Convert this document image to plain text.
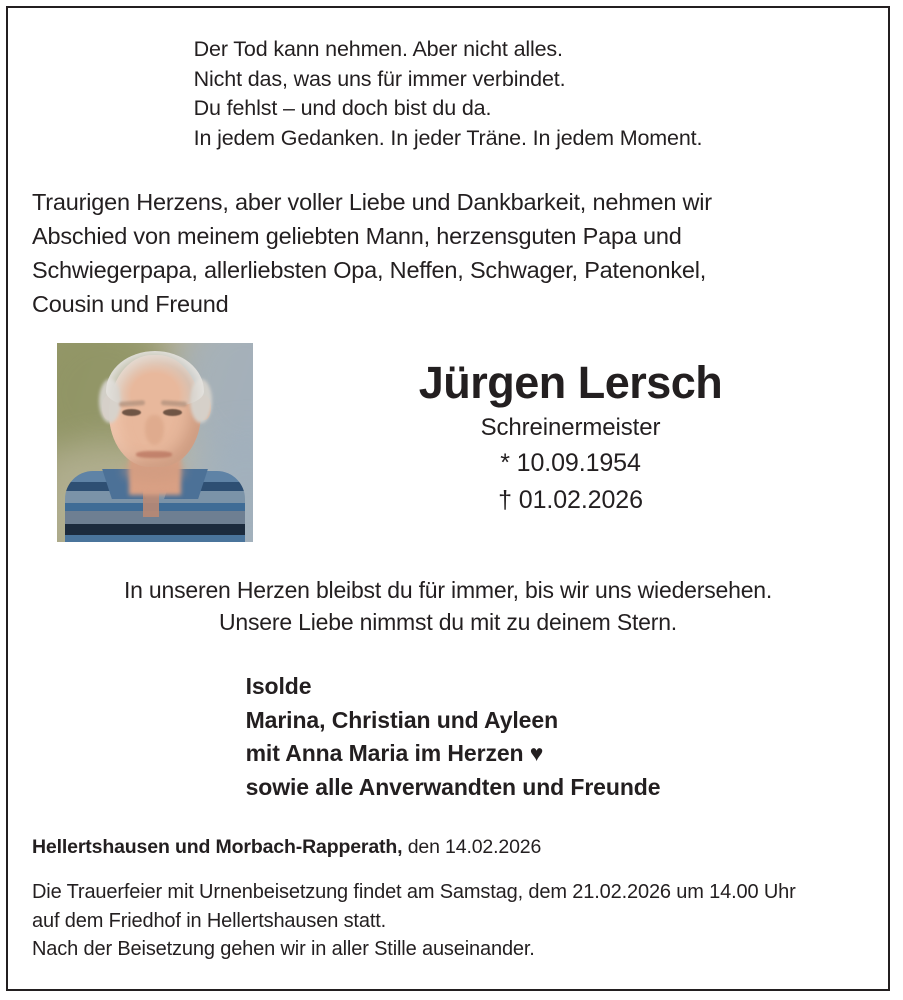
Der Tod kann nehmen. Aber nicht alles.
Nicht das, was uns für immer verbindet.
Du fehlst – und doch bist du da.
In jedem Gedanken. In jeder Träne. In jedem Moment.
Traurigen Herzens, aber voller Liebe und Dankbarkeit, nehmen wir
Abschied von meinem geliebten Mann, herzensguten Papa und
Schwiegerpapa, allerliebsten Opa, Neffen, Schwager, Patenonkel,
Cousin und Freund
Jürgen Lersch
Schreinermeister
* 10.09.1954
† 01.02.2026
In unseren Herzen bleibst du für immer, bis wir uns wiedersehen.
Unsere Liebe nimmst du mit zu deinem Stern.
Isolde
Marina, Christian und Ayleen
mit Anna Maria im Herzen ♥
sowie alle Anverwandten und Freunde
Hellertshausen und Morbach-Rapperath, den 14.02.2026
Die Trauerfeier mit Urnenbeisetzung findet am Samstag, dem 21.02.2026 um 14.00 Uhr
auf dem Friedhof in Hellertshausen statt.
Nach der Beisetzung gehen wir in aller Stille auseinander.
